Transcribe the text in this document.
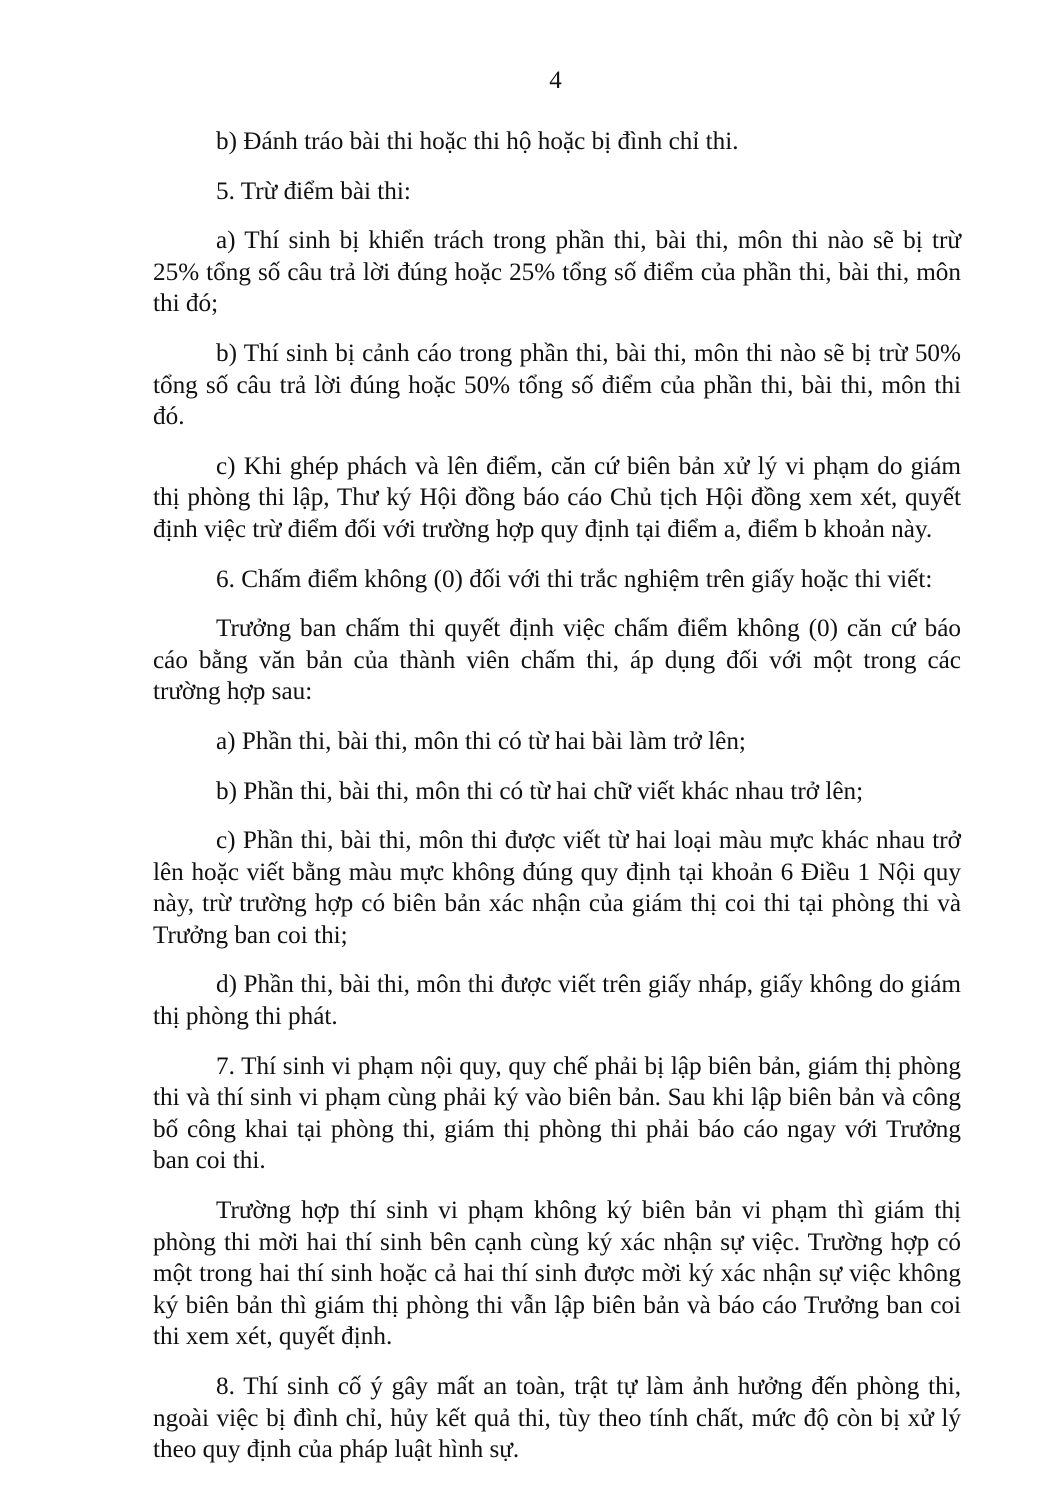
4

b) Đánh tráo bài thi hoặc thi hộ hoặc bị đình chỉ thi.

5. Trừ điểm bài thi:

a) Thí sinh bị khiển trách trong phần thi, bài thi, môn thi nào sẽ bị trừ 25% tổng số câu trả lời đúng hoặc 25% tổng số điểm của phần thi, bài thi, môn thi đó;

b) Thí sinh bị cảnh cáo trong phần thi, bài thi, môn thi nào sẽ bị trừ 50% tổng số câu trả lời đúng hoặc 50% tổng số điểm của phần thi, bài thi, môn thi đó.

c) Khi ghép phách và lên điểm, căn cứ biên bản xử lý vi phạm do giám thị phòng thi lập, Thư ký Hội đồng báo cáo Chủ tịch Hội đồng xem xét, quyết định việc trừ điểm đối với trường hợp quy định tại điểm a, điểm b khoản này.

6. Chấm điểm không (0) đối với thi trắc nghiệm trên giấy hoặc thi viết:

Trưởng ban chấm thi quyết định việc chấm điểm không (0) căn cứ báo cáo bằng văn bản của thành viên chấm thi, áp dụng đối với một trong các trường hợp sau:

a) Phần thi, bài thi, môn thi có từ hai bài làm trở lên;

b) Phần thi, bài thi, môn thi có từ hai chữ viết khác nhau trở lên;

c) Phần thi, bài thi, môn thi được viết từ hai loại màu mực khác nhau trở lên hoặc viết bằng màu mực không đúng quy định tại khoản 6 Điều 1 Nội quy này, trừ trường hợp có biên bản xác nhận của giám thị coi thi tại phòng thi và Trưởng ban coi thi;

d) Phần thi, bài thi, môn thi được viết trên giấy nháp, giấy không do giám thị phòng thi phát.

7. Thí sinh vi phạm nội quy, quy chế phải bị lập biên bản, giám thị phòng thi và thí sinh vi phạm cùng phải ký vào biên bản. Sau khi lập biên bản và công bố công khai tại phòng thi, giám thị phòng thi phải báo cáo ngay với Trưởng ban coi thi.

Trường hợp thí sinh vi phạm không ký biên bản vi phạm thì giám thị phòng thi mời hai thí sinh bên cạnh cùng ký xác nhận sự việc. Trường hợp có một trong hai thí sinh hoặc cả hai thí sinh được mời ký xác nhận sự việc không ký biên bản thì giám thị phòng thi vẫn lập biên bản và báo cáo Trưởng ban coi thi xem xét, quyết định.

8. Thí sinh cố ý gây mất an toàn, trật tự làm ảnh hưởng đến phòng thi, ngoài việc bị đình chỉ, hủy kết quả thi, tùy theo tính chất, mức độ còn bị xử lý theo quy định của pháp luật hình sự.
